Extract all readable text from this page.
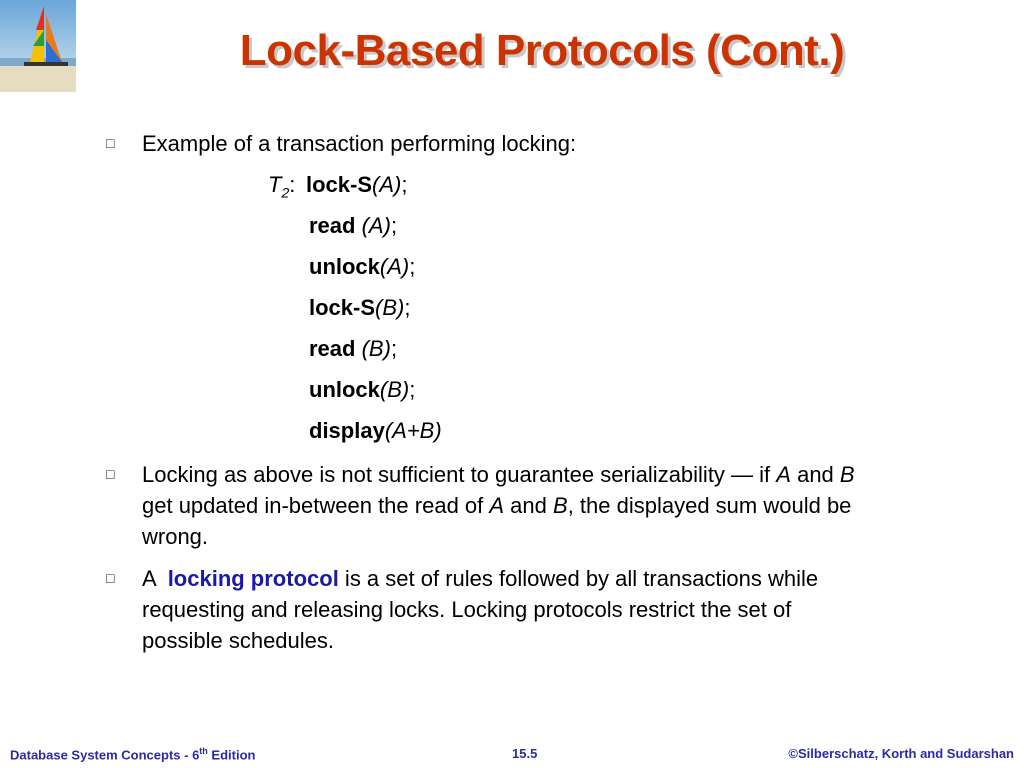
Lock-Based Protocols (Cont.)
□ Example of a transaction performing locking:
$T_2$: lock-S(A);
read (A);
unlock(A);
lock-S(B);
read (B);
unlock(B);
display(A+B)
□ Locking as above is not sufficient to guarantee serializability — if A and B
get updated in-between the read of A and B, the displayed sum would be
wrong.
□ A  locking protocol is a set of rules followed by all transactions while
requesting and releasing locks. Locking protocols restrict the set of
possible schedules.
Database System Concepts - 6th Edition	15.5	©Silberschatz, Korth and Sudarshan
